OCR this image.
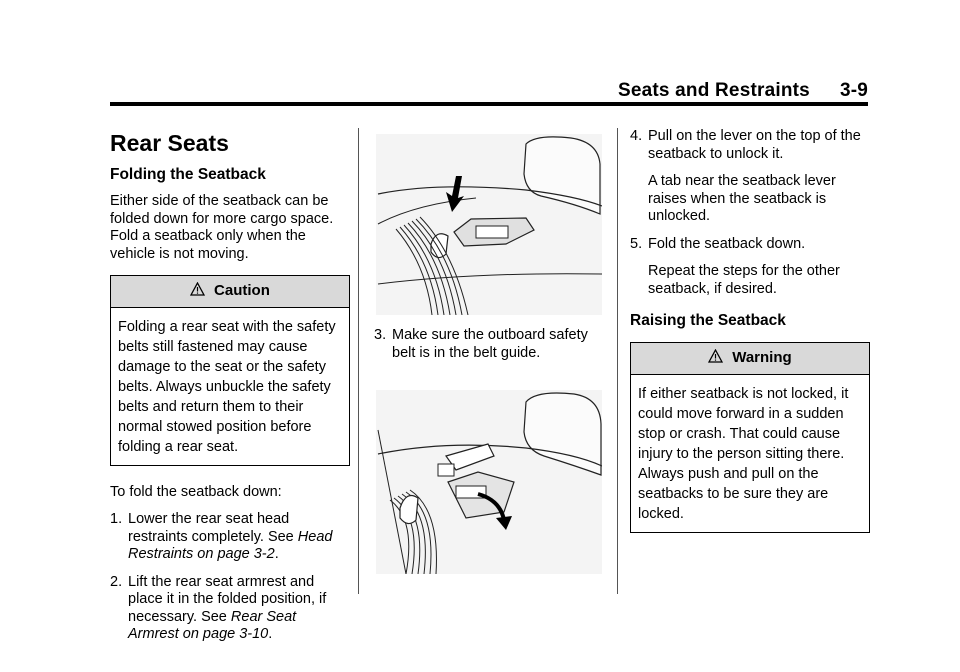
Seats and Restraints 3-9
Rear Seats
Folding the Seatback

Either side of the seatback can be folded down for more cargo space. Fold a seatback only when the vehicle is not moving.

Caution
Folding a rear seat with the safety belts still fastened may cause damage to the seat or the safety belts. Always unbuckle the safety belts and return them to their normal stowed position before folding a rear seat.

To fold the seatback down:

1. Lower the rear seat head restraints completely. See Head Restraints on page 3-2.
2. Lift the rear seat armrest and place it in the folded position, if necessary. See Rear Seat Armrest on page 3-10.
3. Make sure the outboard safety belt is in the belt guide.
4. Pull on the lever on the top of the seatback to unlock it.

A tab near the seatback lever raises when the seatback is unlocked.

5. Fold the seatback down.

Repeat the steps for the other seatback, if desired.

Raising the Seatback
Warning
If either seatback is not locked, it could move forward in a sudden stop or crash. That could cause injury to the person sitting there. Always push and pull on the seatbacks to be sure they are locked.
